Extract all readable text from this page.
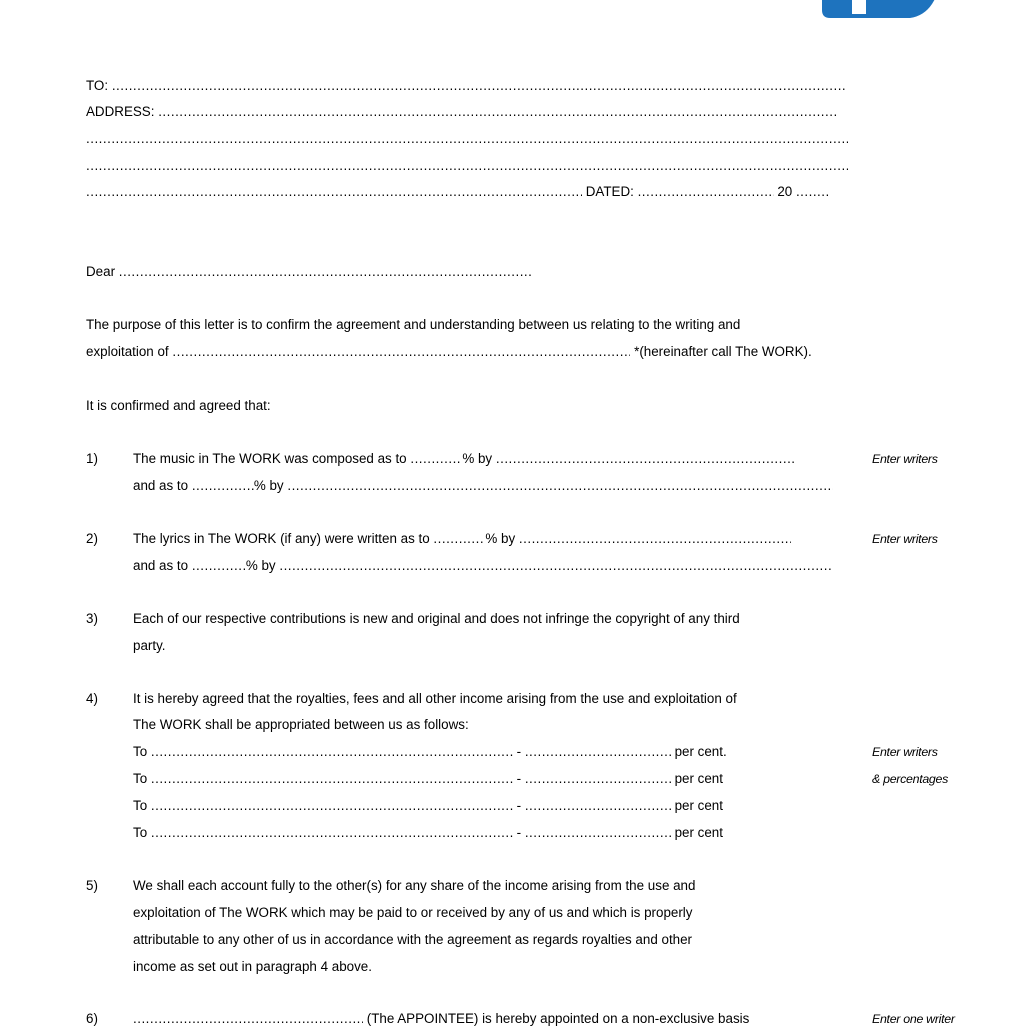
TO: .....
ADDRESS: .....
.....
.....
..... DATED: .....	20 .....
Dear .....
The purpose of this letter is to confirm the agreement and understanding between us relating to the writing and
exploitation of .....	*(hereinafter call The WORK).
It is confirmed and agreed that:
1)	The music in The WORK was composed as to .....	% by .....
and as to .....	% by .....
Enter writers
2)	The lyrics in The WORK (if any) were written as to .....	% by .....
and as to .....	% by .....
Enter writers
3)	Each of our respective contributions is new and original and does not infringe the copyright of any third
party.
4)	It is hereby agreed that the royalties, fees and all other income arising from the use and exploitation of
The WORK shall be appropriated between us as follows:
To .....	- .....	per cent.
To .....	- .....	per cent
To .....	- .....	per cent
To .....	- .....	per cent
Enter writers
& percentages
5)	We shall each account fully to the other(s) for any share of the income arising from the use and
exploitation of The WORK which may be paid to or received by any of us and which is properly
attributable to any other of us in accordance with the agreement as regards royalties and other
income as set out in paragraph 4 above.
6) .....	(The APPOINTEE) is hereby appointed on a non-exclusive basis	Enter one writer
